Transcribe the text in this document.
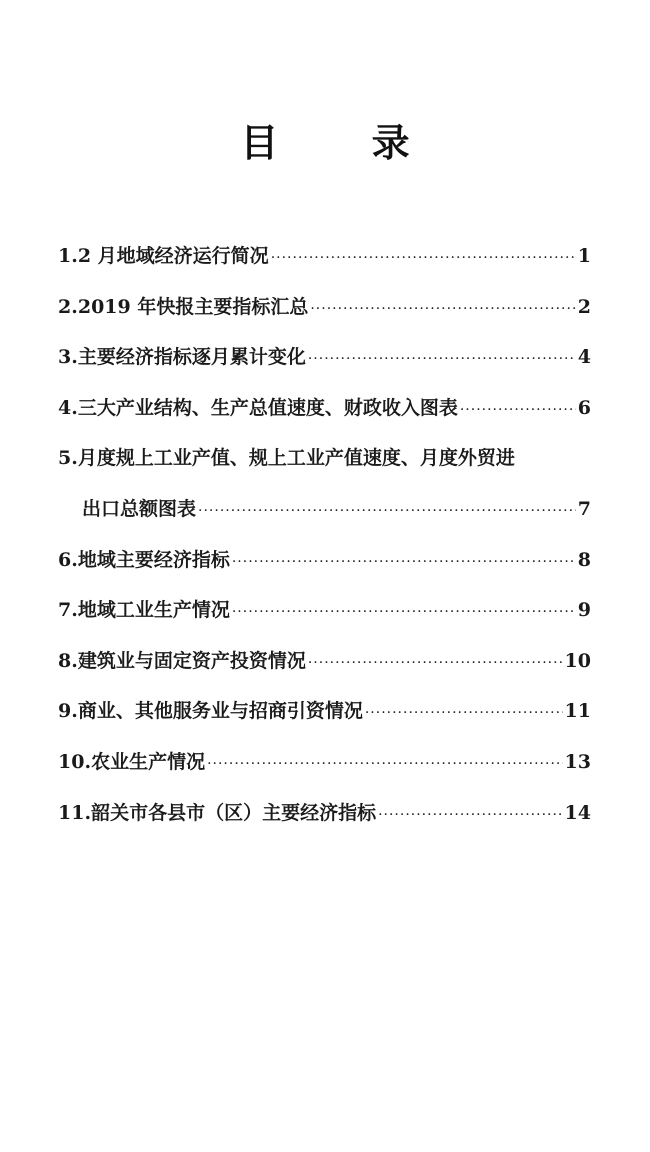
目 录
1. 2 月地域经济运行简况 ·····	1
2. 2019 年快报主要指标汇总 ·····	2
3. 主要经济指标逐月累计变化 ·····	4
4. 三大产业结构、生产总值速度、财政收入图表 ·····	6
5. 月度规上工业产值、规上工业产值速度、月度外贸进
出口总额图表 ·····	7
6. 地域主要经济指标 ·····	8
7. 地域工业生产情况 ·····	9
8. 建筑业与固定资产投资情况 ·····	10
9. 商业、其他服务业与招商引资情况 ·····	11
10. 农业生产情况 ·····	13
11. 韶关市各县市（区）主要经济指标 ·····	14
